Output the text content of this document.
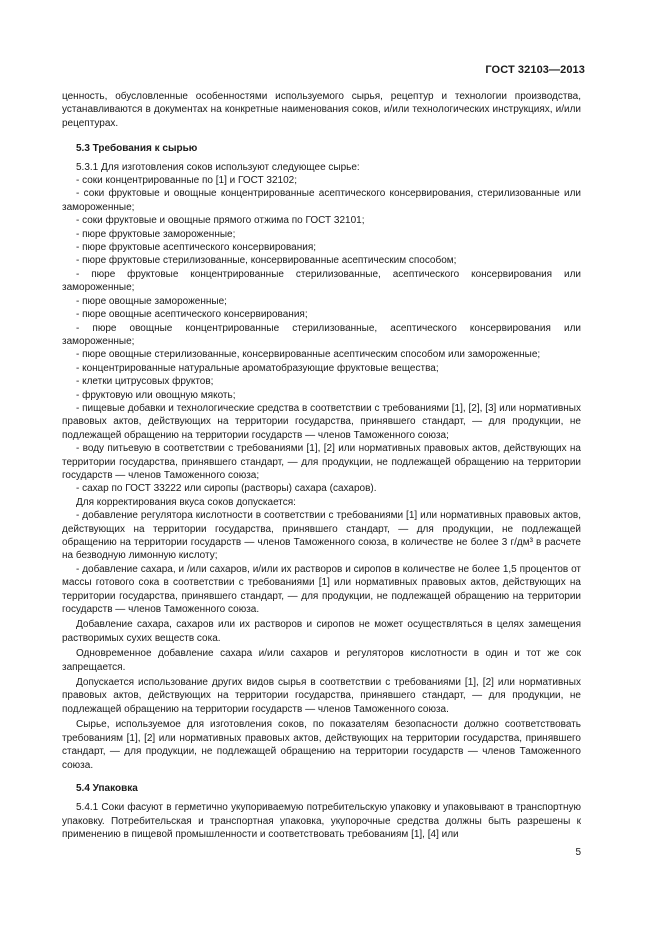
ГОСТ 32103—2013

ценность, обусловленные особенностями используемого сырья, рецептур и технологии производства, устанавливаются в документах на конкретные наименования соков, и/или технологических инструкциях, и/или рецептурах.

5.3 Требования к сырью

5.3.1 Для изготовления соков используют следующее сырье:

- соки концентрированные по [1] и ГОСТ 32102;

- соки фруктовые и овощные концентрированные асептического консервирования, стерилизованные или замороженные;

- соки фруктовые и овощные прямого отжима по ГОСТ 32101;

- пюре фруктовые замороженные;

- пюре фруктовые асептического консервирования;

- пюре фруктовые стерилизованные, консервированные асептическим способом;

- пюре фруктовые концентрированные стерилизованные, асептического консервирования или замороженные;

- пюре овощные замороженные;

- пюре овощные асептического консервирования;

- пюре овощные концентрированные стерилизованные, асептического консервирования или замороженные;

- пюре овощные стерилизованные, консервированные асептическим способом или замороженные;

- концентрированные натуральные ароматобразующие фруктовые вещества;

- клетки цитрусовых фруктов;

- фруктовую или овощную мякоть;

- пищевые добавки и технологические средства в соответствии с требованиями [1], [2], [3] или нормативных правовых актов, действующих на территории государства, принявшего стандарт, — для продукции, не подлежащей обращению на территории государств — членов Таможенного союза;

- воду питьевую в соответствии с требованиями [1], [2] или нормативных правовых актов, действующих на территории государства, принявшего стандарт, — для продукции, не подлежащей обращению на территории государств — членов Таможенного союза;

- сахар по ГОСТ 33222 или сиропы (растворы) сахара (сахаров).

Для корректирования вкуса соков допускается:

- добавление регулятора кислотности в соответствии с требованиями [1] или нормативных правовых актов, действующих на территории государства, принявшего стандарт, — для продукции, не подлежащей обращению на территории государств — членов Таможенного союза, в количестве не более 3 г/дм³ в расчете на безводную лимонную кислоту;

- добавление сахара, и /или сахаров, и/или их растворов и сиропов в количестве не более 1,5 процентов от массы готового сока в соответствии с требованиями [1] или нормативных правовых актов, действующих на территории государства, принявшего стандарт, — для продукции, не подлежащей обращению на территории государств — членов Таможенного союза.

Добавление сахара, сахаров или их растворов и сиропов не может осуществляться в целях замещения растворимых сухих веществ сока.

Одновременное добавление сахара и/или сахаров и регуляторов кислотности в один и тот же сок запрещается.

Допускается использование других видов сырья в соответствии с требованиями [1], [2] или нормативных правовых актов, действующих на территории государства, принявшего стандарт, — для продукции, не подлежащей обращению на территории государств — членов Таможенного союза.

Сырье, используемое для изготовления соков, по показателям безопасности должно соответствовать требованиям [1], [2] или нормативных правовых актов, действующих на территории государства, принявшего стандарт, — для продукции, не подлежащей обращению на территории государств — членов Таможенного союза.

5.4 Упаковка

5.4.1 Соки фасуют в герметично укупориваемую потребительскую упаковку и упаковывают в транспортную упаковку. Потребительская и транспортная упаковка, укупорочные средства должны быть разрешены к применению в пищевой промышленности и соответствовать требованиям [1], [4] или

5
